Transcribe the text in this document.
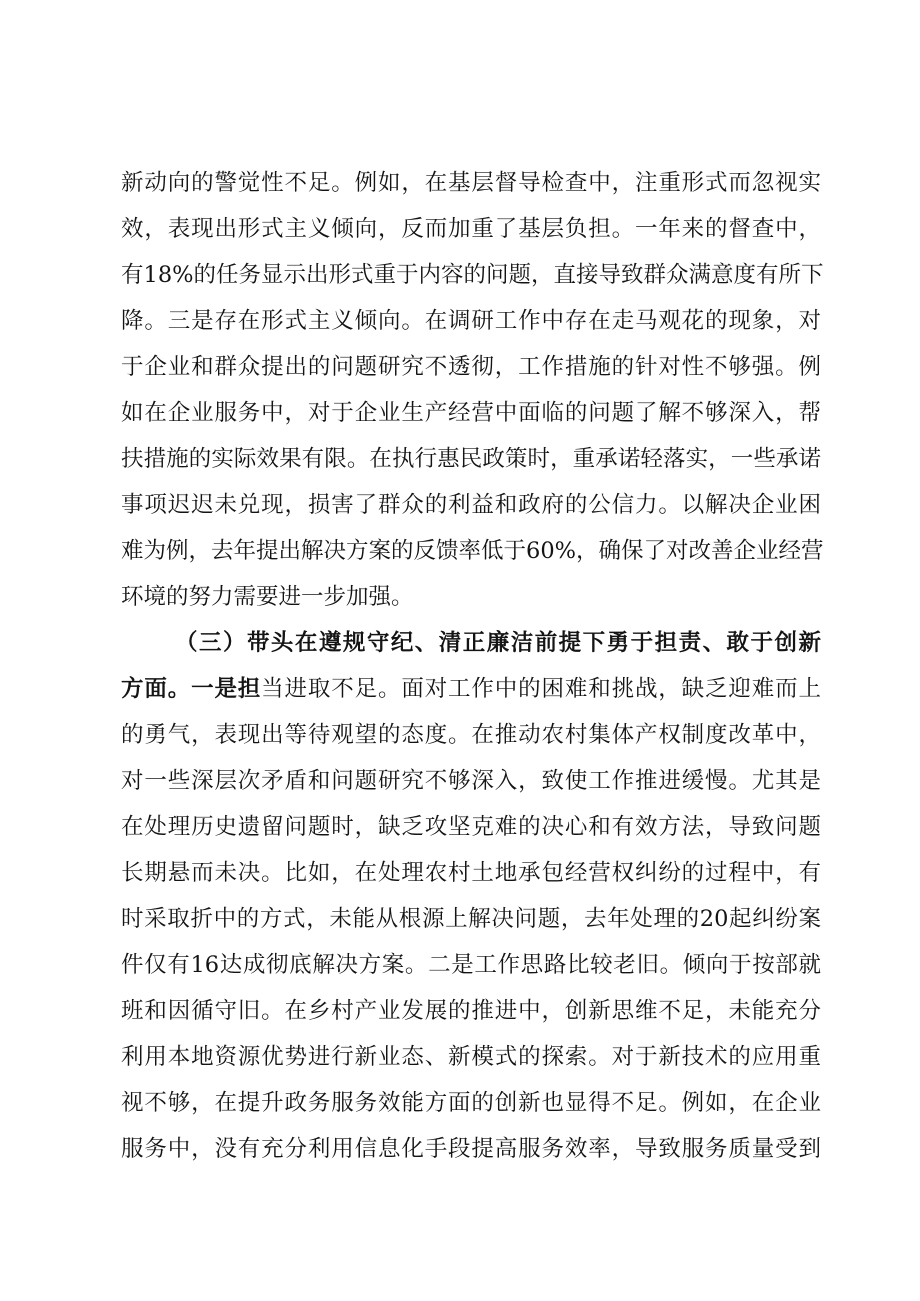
新动向的警觉性不足。例如，在基层督导检查中，注重形式而忽视实
效，表现出形式主义倾向，反而加重了基层负担。一年来的督查中，
有18%的任务显示出形式重于内容的问题，直接导致群众满意度有所下
降。三是存在形式主义倾向。在调研工作中存在走马观花的现象，对
于企业和群众提出的问题研究不透彻，工作措施的针对性不够强。例
如在企业服务中，对于企业生产经营中面临的问题了解不够深入，帮
扶措施的实际效果有限。在执行惠民政策时，重承诺轻落实，一些承诺
事项迟迟未兑现，损害了群众的利益和政府的公信力。以解决企业困
难为例，去年提出解决方案的反馈率低于60%，确保了对改善企业经营
环境的努力需要进一步加强。
（三）带头在遵规守纪、清正廉洁前提下勇于担责、敢于创新
方面。一是担当进取不足。面对工作中的困难和挑战，缺乏迎难而上
的勇气，表现出等待观望的态度。在推动农村集体产权制度改革中，
对一些深层次矛盾和问题研究不够深入，致使工作推进缓慢。尤其是
在处理历史遗留问题时，缺乏攻坚克难的决心和有效方法，导致问题
长期悬而未决。比如，在处理农村土地承包经营权纠纷的过程中，有
时采取折中的方式，未能从根源上解决问题，去年处理的20起纠纷案
件仅有16达成彻底解决方案。二是工作思路比较老旧。倾向于按部就
班和因循守旧。在乡村产业发展的推进中，创新思维不足，未能充分
利用本地资源优势进行新业态、新模式的探索。对于新技术的应用重
视不够，在提升政务服务效能方面的创新也显得不足。例如，在企业
服务中，没有充分利用信息化手段提高服务效率，导致服务质量受到
